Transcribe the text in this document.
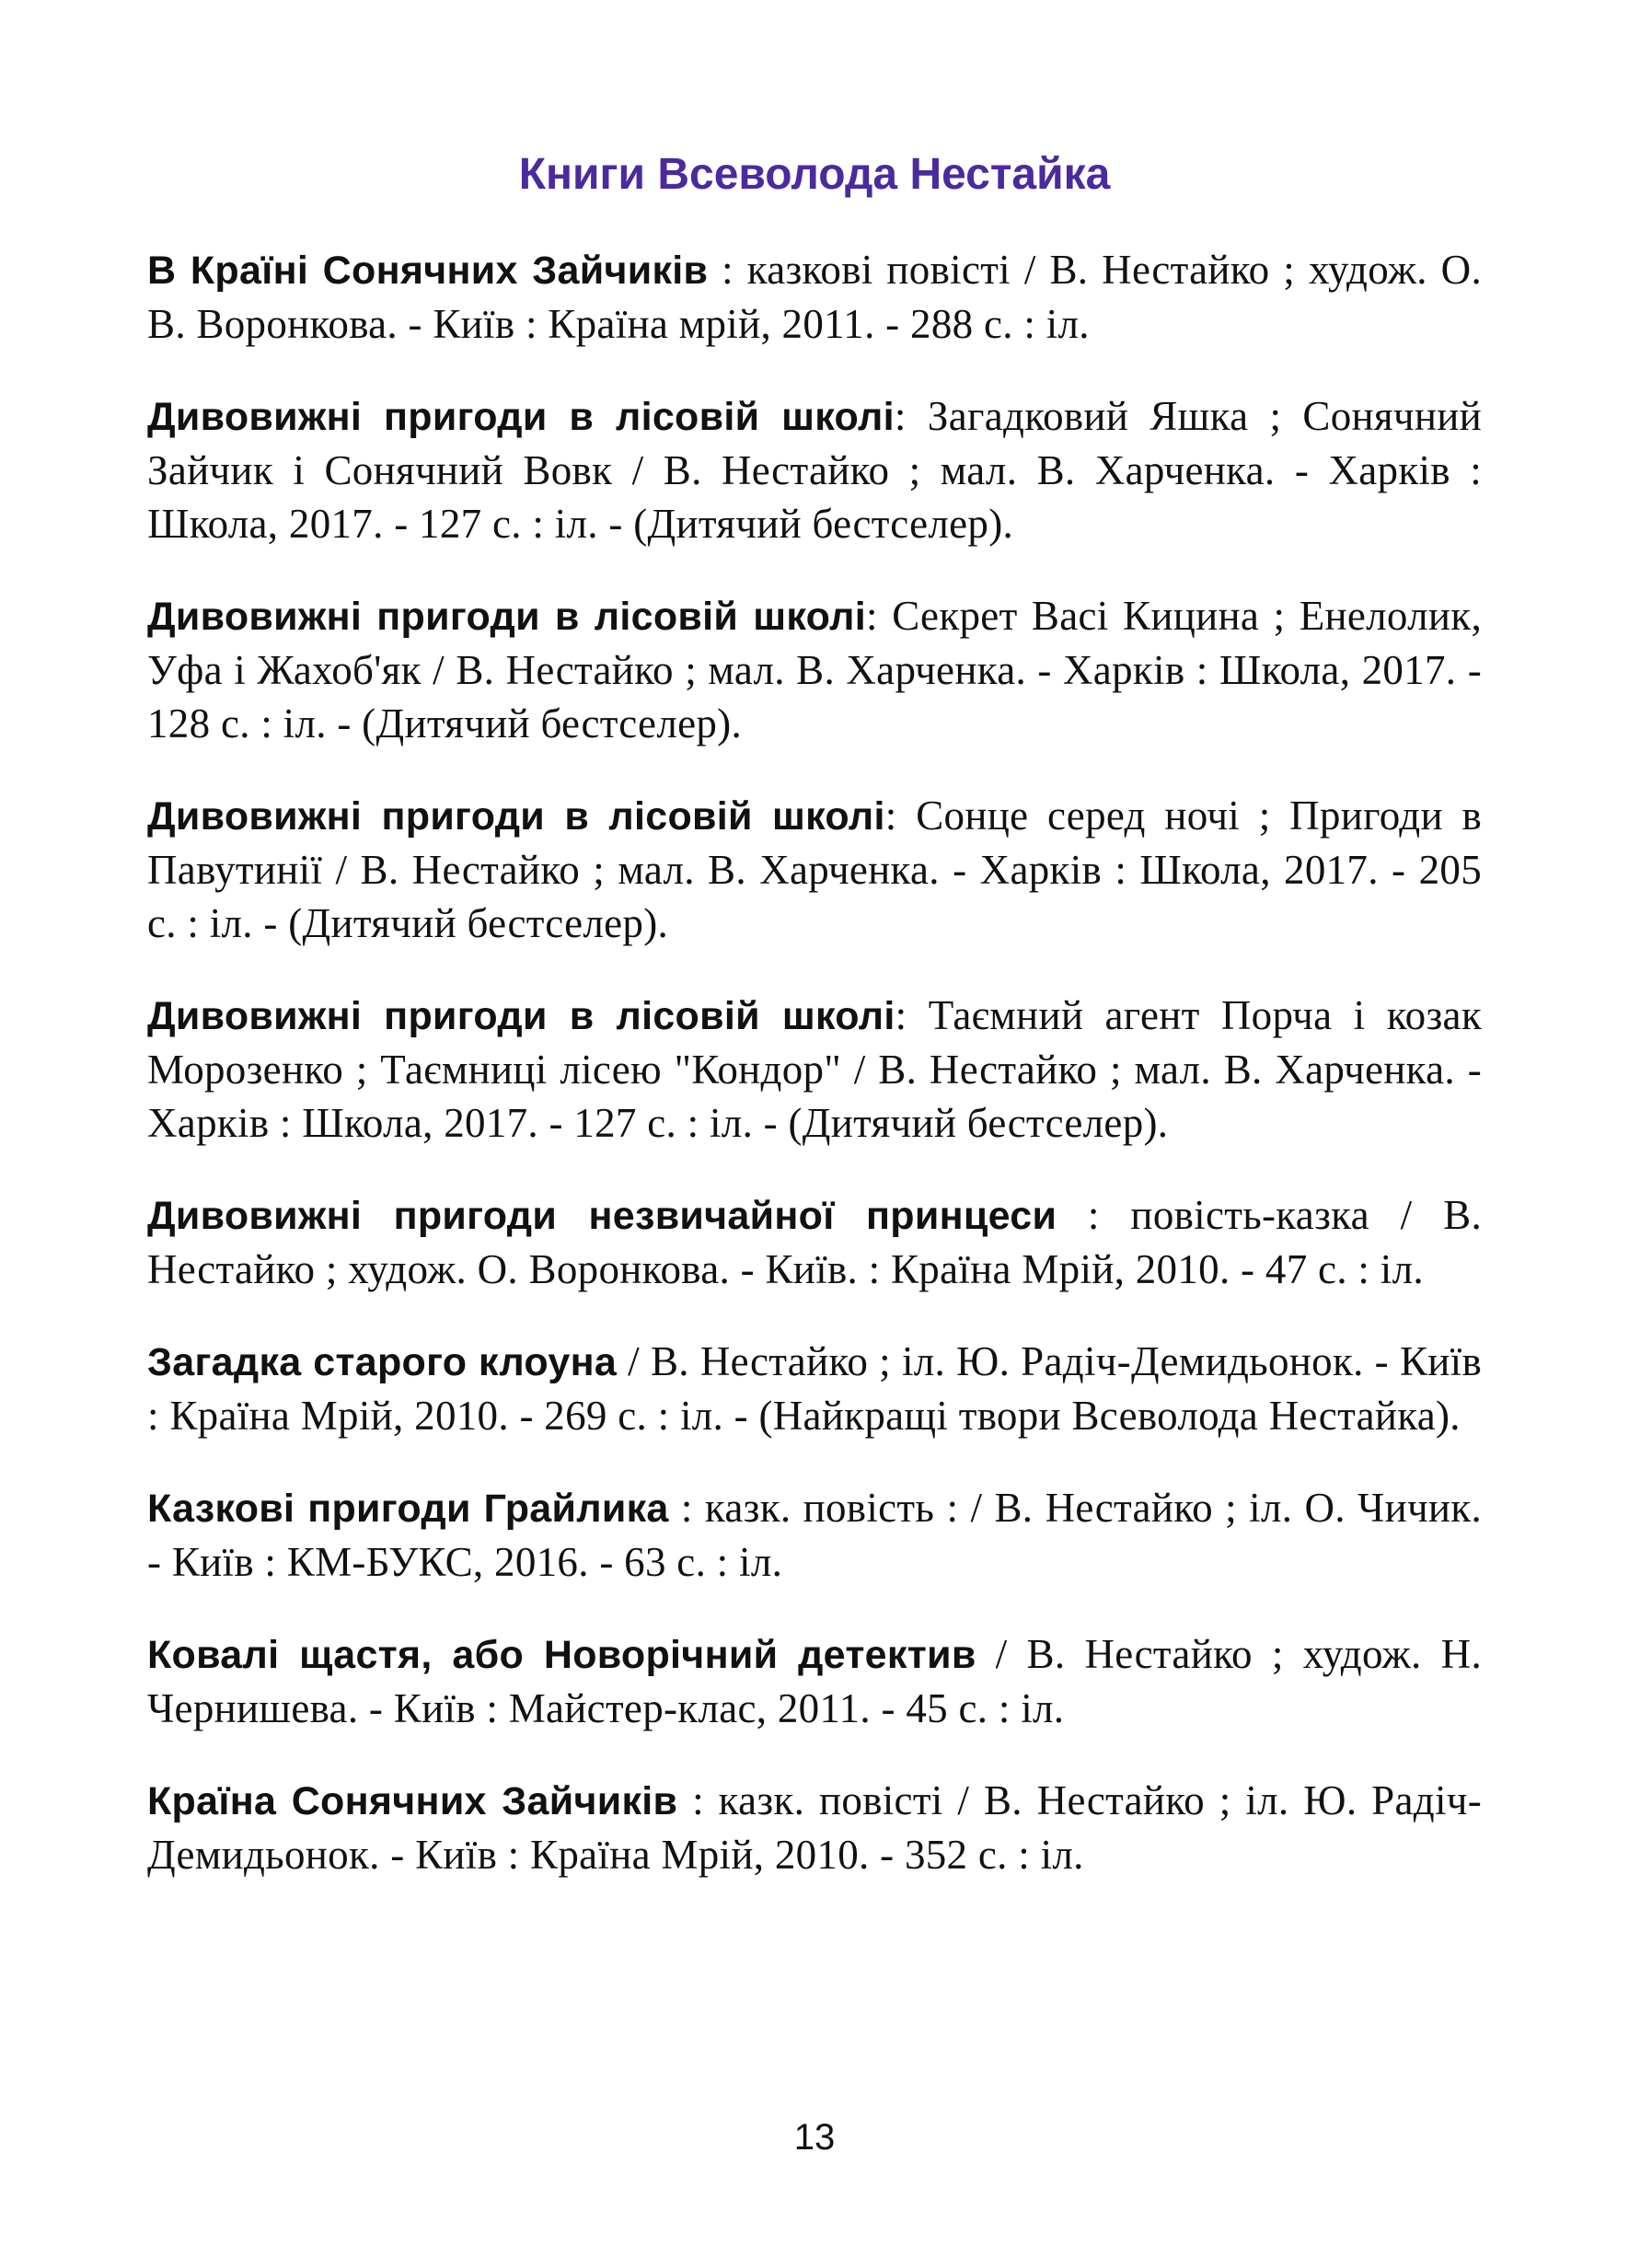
Книги Всеволода Нестайка

В Країні Сонячних Зайчиків : казкові повісті / В. Нестайко ; худож. О. В. Воронкова. - Київ : Країна мрій, 2011. - 288 с. : іл.

Дивовижні пригоди в лісовій школі: Загадковий Яшка ; Сонячний Зайчик і Сонячний Вовк / В. Нестайко ; мал. В. Харченка. - Харків : Школа, 2017. - 127 с. : іл. - (Дитячий бестселер).

Дивовижні пригоди в лісовій школі: Секрет Васі Кицина ; Енелолик, Уфа і Жахоб'як / В. Нестайко ; мал. В. Харченка. - Харків : Школа, 2017. - 128 с. : іл. - (Дитячий бестселер).

Дивовижні пригоди в лісовій школі: Сонце серед ночі ; Пригоди в Павутинії / В. Нестайко ; мал. В. Харченка. - Харків : Школа, 2017. - 205 с. : іл. - (Дитячий бестселер).

Дивовижні пригоди в лісовій школі: Таємний агент Порча і козак Морозенко ; Таємниці лісею "Кондор" / В. Нестайко ; мал. В. Харченка. - Харків : Школа, 2017. - 127 с. : іл. - (Дитячий бестселер).

Дивовижні пригоди незвичайної принцеси : повість-казка / В. Нестайко ; худож. О. Воронкова. - Київ. : Країна Мрій, 2010. - 47 с. : іл.

Загадка старого клоуна / В. Нестайко ; іл. Ю. Радіч-Демидьонок. - Київ : Країна Мрій, 2010. - 269 с. : іл. - (Найкращі твори Всеволода Нестайка).

Казкові пригоди Грайлика : казк. повість : / В. Нестайко ; іл. О. Чичик. - Київ : КМ-БУКС, 2016. - 63 с. : іл.

Ковалі щастя, або Новорічний детектив / В. Нестайко ; худож. Н. Чернишева. - Київ : Майстер-клас, 2011. - 45 с. : іл.

Країна Сонячних Зайчиків : казк. повісті / В. Нестайко ; іл. Ю. Радіч-Демидьонок. - Київ : Країна Мрій, 2010. - 352 с. : іл.

13
